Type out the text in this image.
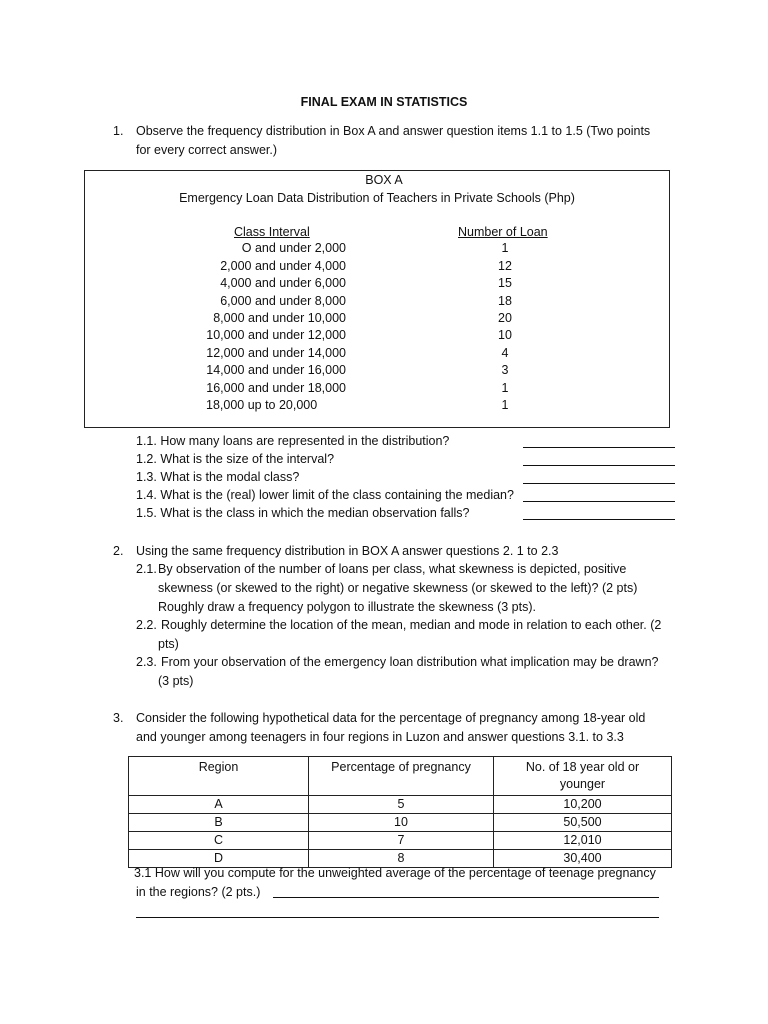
FINAL EXAM IN STATISTICS
1.	Observe the frequency distribution in Box A and answer question items 1.1 to 1.5 (Two points
for every correct answer.)
BOX A
Emergency Loan Data Distribution of Teachers in Private Schools (Php)
Class Interval	Number of Loan
O and under 2,000	1
2,000 and under 4,000	12
4,000 and under 6,000	15
6,000 and under 8,000	18
8,000 and under 10,000	20
10,000 and under 12,000	10
12,000 and under 14,000	4
14,000 and under 16,000	3
16,000 and under 18,000	1
18,000 up to 20,000	1
1.1. How many loans are represented in the distribution?
1.2. What is the size of the interval?
1.3. What is the modal class?
1.4. What is the (real) lower limit of the class containing the median?
1.5. What is the class in which the median observation falls?
2.	Using the same frequency distribution in BOX A answer questions 2. 1 to 2.3
2.1. By observation of the number of loans per class, what skewness is depicted, positive
skewness (or skewed to the right) or negative skewness (or skewed to the left)? (2 pts)
Roughly draw a frequency polygon to illustrate the skewness (3 pts).
2.2. Roughly determine the location of the mean, median and mode in relation to each other. (2
pts)
2.3. From your observation of the emergency loan distribution what implication may be drawn?
(3 pts)
3.	Consider the following hypothetical data for the percentage of pregnancy among 18-year old
and younger among teenagers in four regions in Luzon and answer questions 3.1. to 3.3
Region	Percentage of pregnancy	No. of 18 year old or
younger

A	5	10,200
B	10	50,500
C	7	12,010
D	8	30,400
3.1 How will you compute for the unweighted average of the percentage of teenage pregnancy
in the regions? (2 pts.)
